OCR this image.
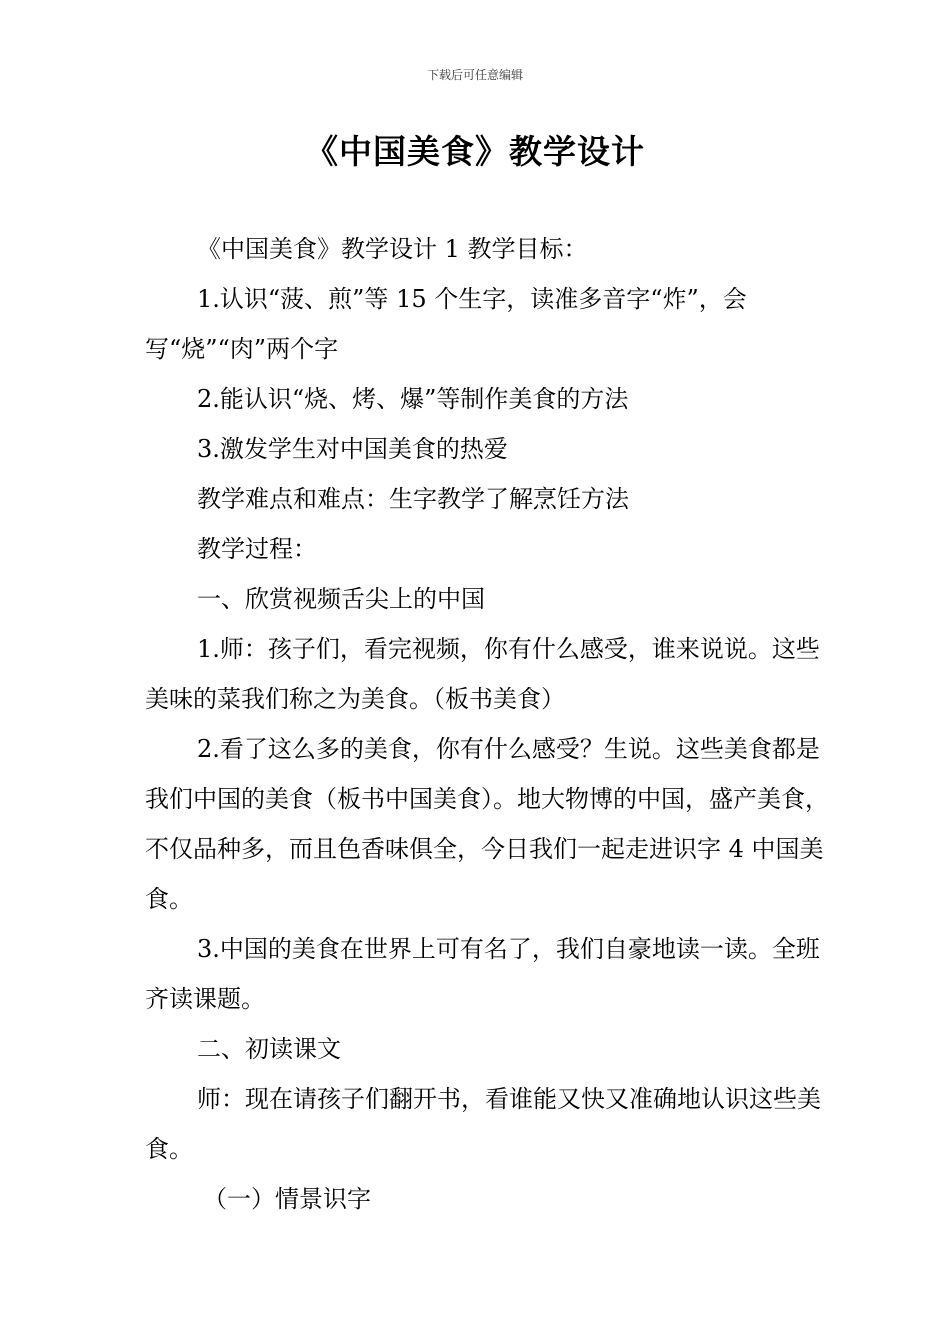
下载后可任意编辑
《中国美食》教学设计

《中国美食》教学设计 1 教学目标：

1.认识“菠、煎”等 15 个生字，读准多音字“炸”，会写“烧”“肉”两个字

2.能认识“烧、烤、爆”等制作美食的方法

3.激发学生对中国美食的热爱

教学难点和难点：生字教学了解烹饪方法

教学过程：

一、欣赏视频舌尖上的中国

1.师：孩子们，看完视频，你有什么感受，谁来说说。这些美味的菜我们称之为美食。（板书美食）

2.看了这么多的美食，你有什么感受？生说。这些美食都是我们中国的美食（板书中国美食）。地大物博的中国，盛产美食，不仅品种多，而且色香味俱全，今日我们一起走进识字 4 中国美食。

3.中国的美食在世界上可有名了，我们自豪地读一读。全班齐读课题。

二、初读课文

师：现在请孩子们翻开书，看谁能又快又准确地认识这些美食。

（一）情景识字
